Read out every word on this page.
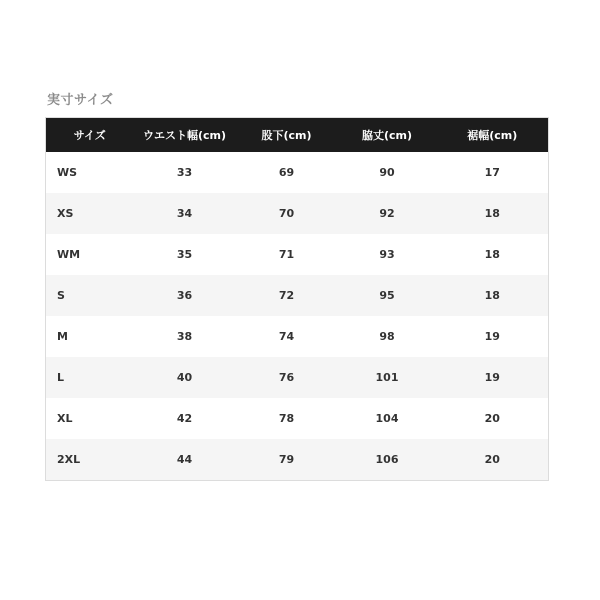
実寸サイズ
サイズ	ウエスト幅(cm)	股下(cm)	脇丈(cm)	裾幅(cm)
WS	33	69	90	17
XS	34	70	92	18
WM	35	71	93	18
S	36	72	95	18
M	38	74	98	19
L	40	76	101	19
XL	42	78	104	20
2XL	44	79	106	20
